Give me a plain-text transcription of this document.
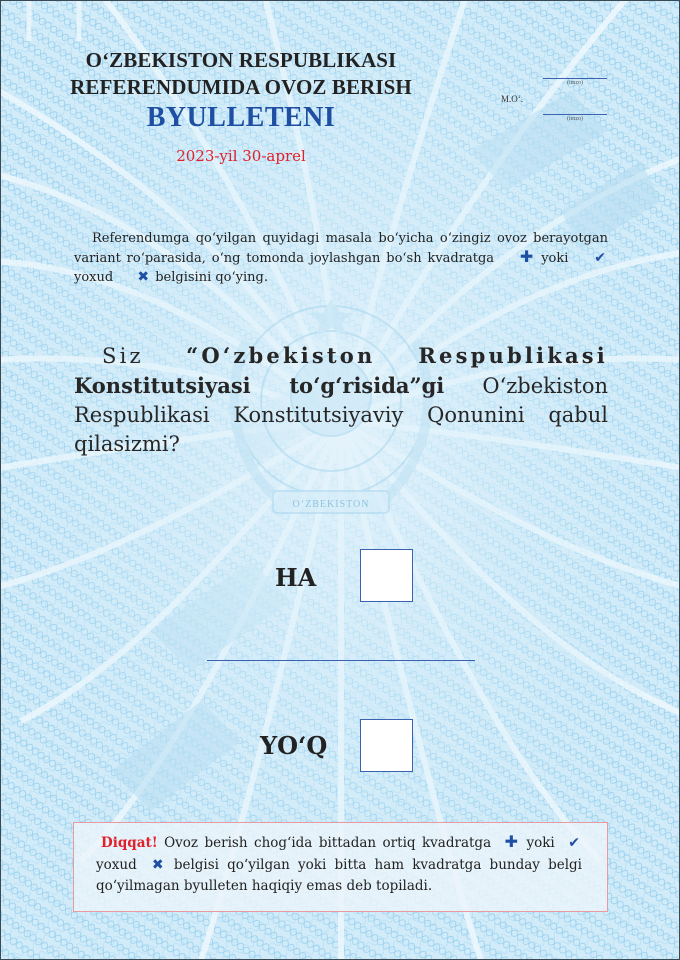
O‘ZBEKISTON
O‘ZBEKISTON RESPUBLIKASI
REFERENDUMIDA OVOZ BERISH
BYULLETENI
2023-yil 30-aprel
(imzo)
M.O‘.
(imzo)
Referendumga qo‘yilgan quyidagi masala bo‘yicha o‘zingiz ovoz berayotgan variant ro‘parasida, o‘ng tomonda joylashgan bo‘sh kvadratga ✚ yoki ✔ yoxud ✖ belgisini qo‘ying.
Siz “O‘zbekiston Respublikasi
Konstitutsiyasi to‘g‘risida”gi O‘zbekiston Respublikasi Konstitutsiyaviy Qonunini qabul qilasizmi?
HA
YO‘Q
Diqqat! Ovoz berish chog‘ida bittadan ortiq kvadratga ✚ yoki ✔ yoxud ✖ belgisi qo‘yilgan yoki bitta ham kvadratga bunday belgi qo‘yilmagan byulleten haqiqiy emas deb topiladi.
